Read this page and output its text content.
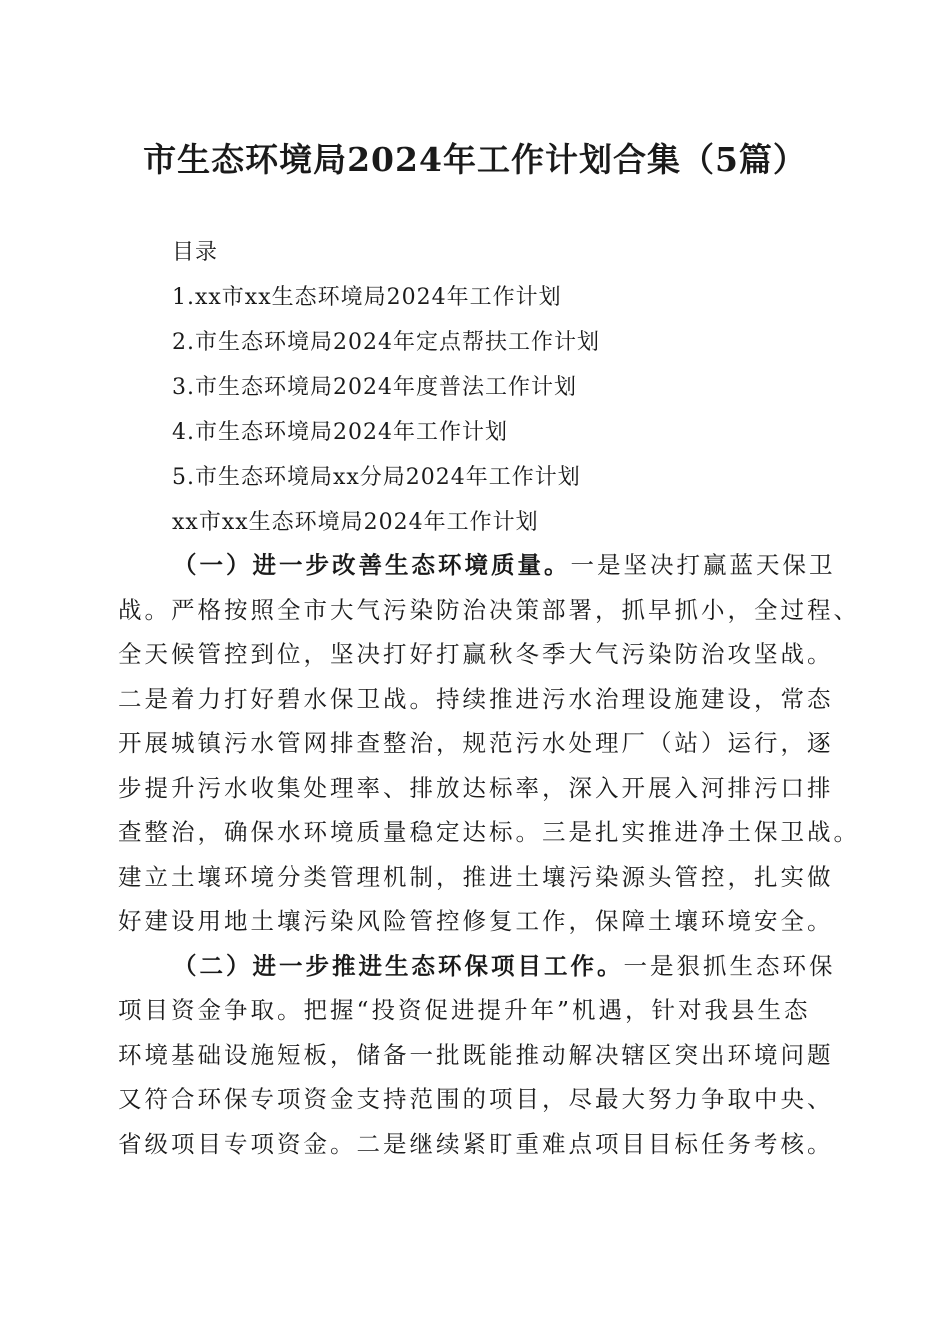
市生态环境局2024年工作计划合集（5篇）
目录
1.xx市xx生态环境局2024年工作计划
2.市生态环境局2024年定点帮扶工作计划
3.市生态环境局2024年度普法工作计划
4.市生态环境局2024年工作计划
5.市生态环境局xx分局2024年工作计划
xx市xx生态环境局2024年工作计划
（一）进一步改善生态环境质量。一是坚决打赢蓝天保卫
战。严格按照全市大气污染防治决策部署，抓早抓小，全过程、
全天候管控到位，坚决打好打赢秋冬季大气污染防治攻坚战。
二是着力打好碧水保卫战。持续推进污水治理设施建设，常态
开展城镇污水管网排查整治，规范污水处理厂（站）运行，逐
步提升污水收集处理率、排放达标率，深入开展入河排污口排
查整治，确保水环境质量稳定达标。三是扎实推进净土保卫战。
建立土壤环境分类管理机制，推进土壤污染源头管控，扎实做
好建设用地土壤污染风险管控修复工作，保障土壤环境安全。
（二）进一步推进生态环保项目工作。一是狠抓生态环保
项目资金争取。把握“投资促进提升年”机遇，针对我县生态
环境基础设施短板，储备一批既能推动解决辖区突出环境问题
又符合环保专项资金支持范围的项目，尽最大努力争取中央、
省级项目专项资金。二是继续紧盯重难点项目目标任务考核。
